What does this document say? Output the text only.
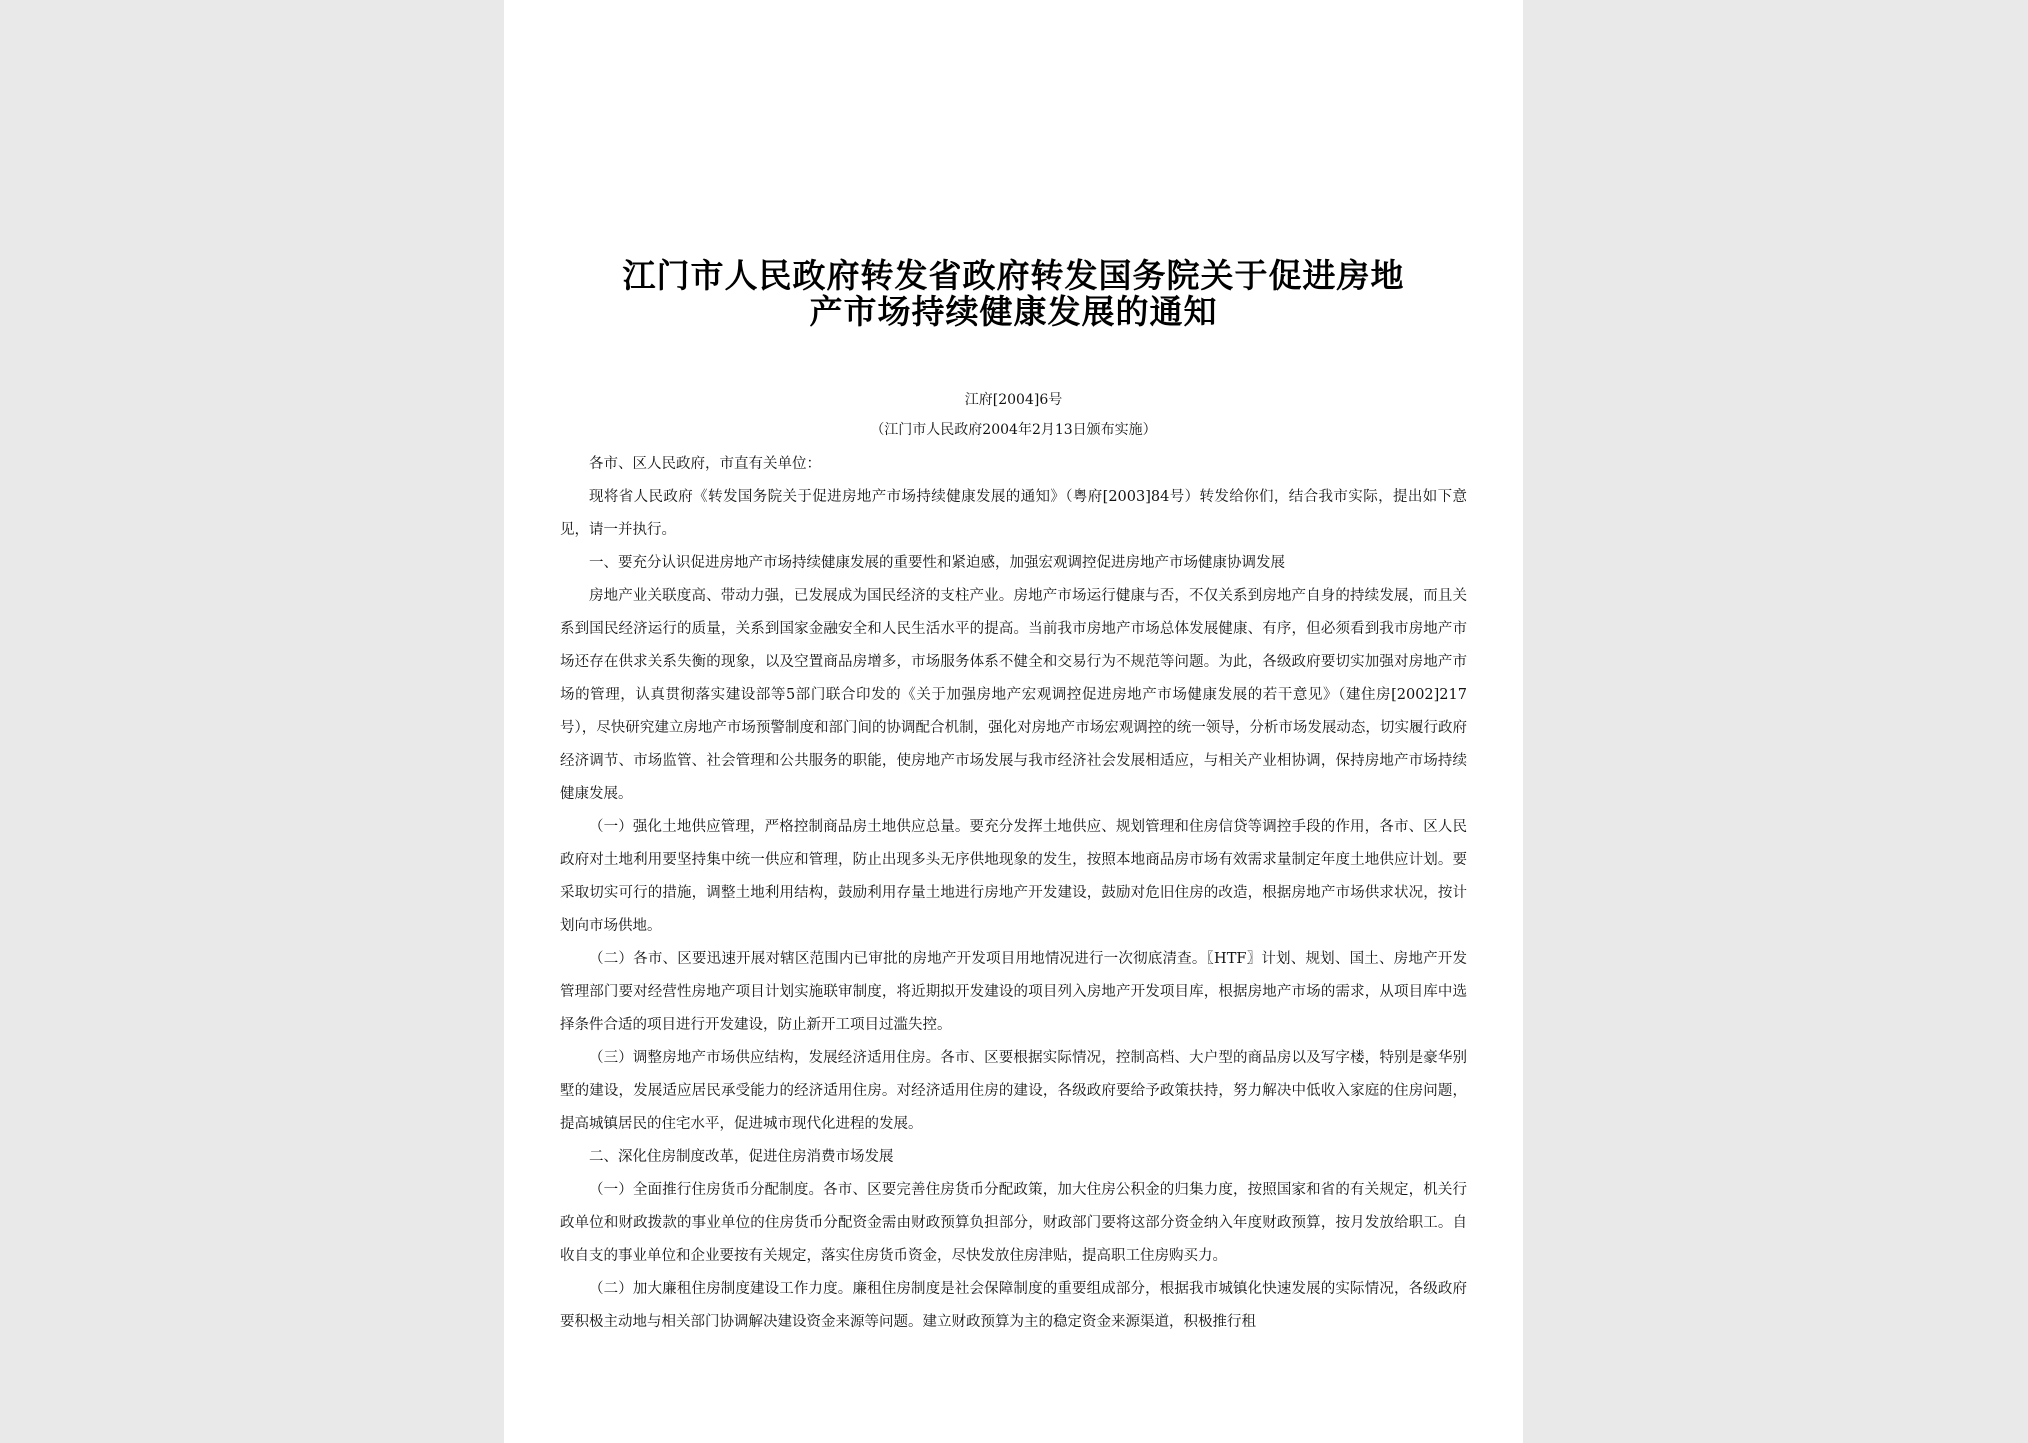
江门市人民政府转发省政府转发国务院关于促进房地
产市场持续健康发展的通知
江府[2004]6号
（江门市人民政府2004年2月13日颁布实施）
各市、区人民政府，市直有关单位：

现将省人民政府《转发国务院关于促进房地产市场持续健康发展的通知》（粤府[2003]84号）转发给你们，结合我市实际，提出如下意见，请一并执行。

一、要充分认识促进房地产市场持续健康发展的重要性和紧迫感，加强宏观调控促进房地产市场健康协调发展

房地产业关联度高、带动力强，已发展成为国民经济的支柱产业。房地产市场运行健康与否，不仅关系到房地产自身的持续发展，而且关系到国民经济运行的质量，关系到国家金融安全和人民生活水平的提高。当前我市房地产市场总体发展健康、有序，但必须看到我市房地产市场还存在供求关系失衡的现象，以及空置商品房增多，市场服务体系不健全和交易行为不规范等问题。为此，各级政府要切实加强对房地产市场的管理，认真贯彻落实建设部等5部门联合印发的《关于加强房地产宏观调控促进房地产市场健康发展的若干意见》（建住房[2002]217号），尽快研究建立房地产市场预警制度和部门间的协调配合机制，强化对房地产市场宏观调控的统一领导，分析市场发展动态，切实履行政府经济调节、市场监管、社会管理和公共服务的职能，使房地产市场发展与我市经济社会发展相适应，与相关产业相协调，保持房地产市场持续健康发展。

（一）强化土地供应管理，严格控制商品房土地供应总量。要充分发挥土地供应、规划管理和住房信贷等调控手段的作用，各市、区人民政府对土地利用要坚持集中统一供应和管理，防止出现多头无序供地现象的发生，按照本地商品房市场有效需求量制定年度土地供应计划。要采取切实可行的措施，调整土地利用结构，鼓励利用存量土地进行房地产开发建设，鼓励对危旧住房的改造，根据房地产市场供求状况，按计划向市场供地。

（二）各市、区要迅速开展对辖区范围内已审批的房地产开发项目用地情况进行一次彻底清查。〖HTF〗计划、规划、国土、房地产开发管理部门要对经营性房地产项目计划实施联审制度，将近期拟开发建设的项目列入房地产开发项目库，根据房地产市场的需求，从项目库中选择条件合适的项目进行开发建设，防止新开工项目过滥失控。

（三）调整房地产市场供应结构，发展经济适用住房。各市、区要根据实际情况，控制高档、大户型的商品房以及写字楼，特别是豪华别墅的建设，发展适应居民承受能力的经济适用住房。对经济适用住房的建设，各级政府要给予政策扶持，努力解决中低收入家庭的住房问题，提高城镇居民的住宅水平，促进城市现代化进程的发展。

二、深化住房制度改革，促进住房消费市场发展

（一）全面推行住房货币分配制度。各市、区要完善住房货币分配政策，加大住房公积金的归集力度，按照国家和省的有关规定，机关行政单位和财政拨款的事业单位的住房货币分配资金需由财政预算负担部分，财政部门要将这部分资金纳入年度财政预算，按月发放给职工。自收自支的事业单位和企业要按有关规定，落实住房货币资金，尽快发放住房津贴，提高职工住房购买力。

（二）加大廉租住房制度建设工作力度。廉租住房制度是社会保障制度的重要组成部分，根据我市城镇化快速发展的实际情况，各级政府要积极主动地与相关部门协调解决建设资金来源等问题。建立财政预算为主的稳定资金来源渠道，积极推行租
